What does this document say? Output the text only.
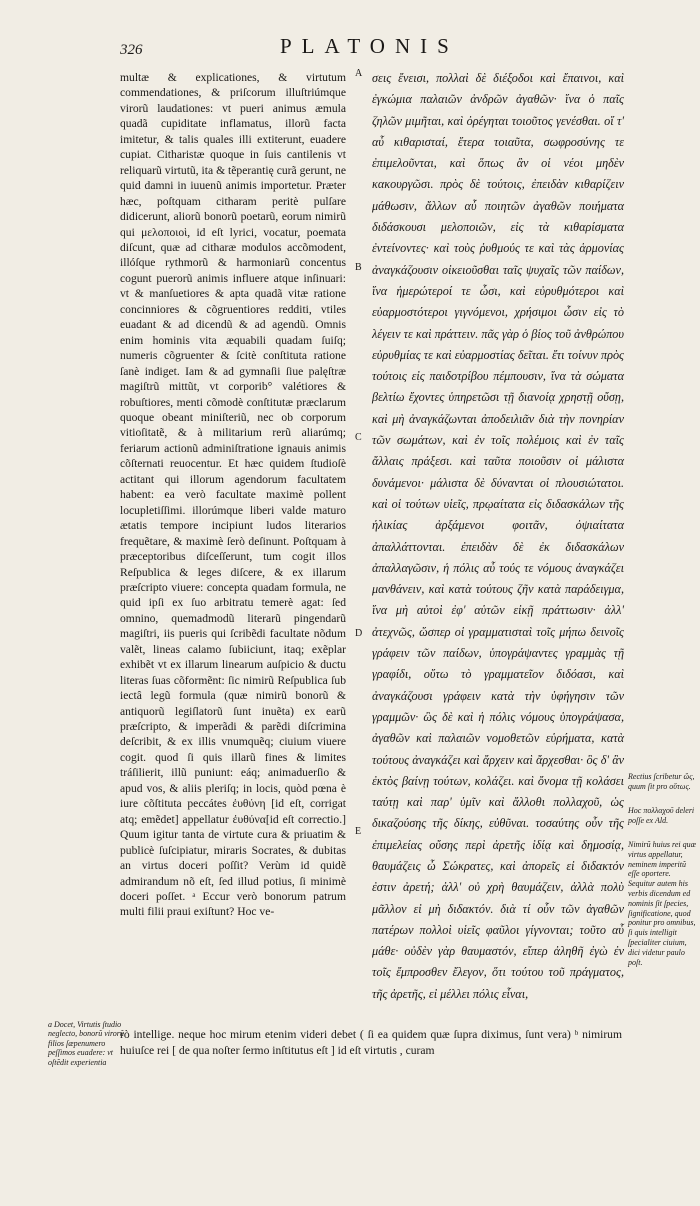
326	PLATONIS

multæ & explicationes, & virtutum commendationes, & priſcorum illuſtriúmque virorũ laudationes: vt pueri animus æmula quadã cupiditate inflamatus, illorũ facta imitetur, & talis quales illi extiterunt, euadere cupiat. Citharistæ quoque in ſuis cantilenis vt reliquarũ virtutũ, ita & tẽperantię curã gerunt, ne quid damni in iuuenũ animis importetur. Præter hæc, poſtquam citharam peritè pulſare didicerunt, aliorũ bonorũ poetarũ, eorum nimirũ qui μελοποιοὶ, id eſt lyrici, vocatur, poemata diſcunt, quæ ad citharæ modulos accõmodent, illóſque rythmorũ & harmoniarũ concentus cogunt puerorũ animis influere atque inſinuari: vt & manſuetiores & apta quadã vitæ ratione concinniores & cõgruentiores redditi, vtiles euadant & ad dicendũ & ad agendũ. Omnis enim hominis vita æquabili quadam ſuiſq; numeris cõgruenter & ſcitè conſtituta ratione ſanè indiget. Iam & ad gymnaſii ſiue palęſtræ magiſtrũ mittũt, vt corporib° valétiores & robuſtiores, menti cõmodè conſtitutæ præclarum quoque obeant miniſteriũ, nec ob corporum vitioſitatẽ, & à militarium rerũ aliarúmq; feriarum actionũ adminiſtratione ignauis animis cõſternati reuocentur. Et hæc quidem ſtudioſè actitant qui illorum agendorum facultatem habent: ea verò facultate maximè pollent locupletiſſimi. illorúmque liberi valde maturo ætatis tempore incipiunt ludos literarios frequẽtare, & maximè ſerò deſinunt. Poſtquam à præceptoribus diſceſſerunt, tum cogit illos Reſpublica & leges diſcere, & ex illarum præſcripto viuere: concepta quadam formula, ne quid ipſi ex ſuo arbitratu temerè agat: ſed omnino, quemadmodũ literarũ pingendarũ magiſtri, iis pueris qui ſcribẽdi facultate nõdum valẽt, lineas calamo ſubiiciunt, itaq; exẽplar exhibẽt vt ex illarum linearum auſpicio & ductu literas ſuas cõformẽnt: ſic nimirũ Reſpublica ſub iectâ legũ formula (quæ nimirũ bonorũ & antiquorũ legiſlatorũ ſunt inuẽta) ex earũ præſcripto, & imperãdi & parẽdi diſcrimina deſcribit, & ex illis vnumquẽq; ciuium viuere cogit. quod ſi quis illarũ fines & limites tráſilierit, illũ puniunt: eáq; animaduerſio & apud vos, & aliis pleriſq; in locis, quòd pœna è iure cõſtituta peccátes ἐυθύνη [id eſt, corrigat atq; emẽdet] appellatur ἐυθύνα[id eſt correctio.] Quum igitur tanta de virtute cura & priuatim & publicè ſuſcipiatur, miraris Socrates, & dubitas an virtus doceri poſſit? Verùm id quidẽ admirandum nõ eſt, ſed illud potius, ſi minimè doceri poſſet. ᵃ Eccur verò bonorum patrum multi filii praui exiſtunt? Hoc ve-

A
B
C
D
E

σεις ἔνεισι, πολλαὶ δὲ διέξοδοι καὶ ἔπαινοι, καὶ ἐγκώμια παλαιῶν ἀνδρῶν ἀγαθῶν· ἵνα ὁ παῖς ζηλῶν μιμῆται, καὶ ὀρέγηται τοιοῦτος γενέσθαι. οἵ τ' αὖ κιθαρισταί, ἕτερα τοιαῦτα, σωφροσύνης τε ἐπιμελοῦνται, καὶ ὅπως ἂν οἱ νέοι μηδὲν κακουργῶσι. πρὸς δὲ τούτοις, ἐπειδὰν κιθαρίζειν μάθωσιν, ἄλλων αὖ ποιητῶν ἀγαθῶν ποιήματα διδάσκουσι μελοποιῶν, εἰς τὰ κιθαρίσματα ἐντείνοντες· καὶ τοὺς ῥυθμούς τε καὶ τὰς ἁρμονίας ἀναγκάζουσιν οἰκειοῦσθαι ταῖς ψυχαῖς τῶν παίδων, ἵνα ἡμερώτεροί τε ὦσι, καὶ εὐρυθμότεροι καὶ εὐαρμοστότεροι γιγνόμενοι, χρήσιμοι ὦσιν εἰς τὸ λέγειν τε καὶ πράττειν. πᾶς γὰρ ὁ βίος τοῦ ἀνθρώπου εὐρυθμίας τε καὶ εὐαρμοστίας δεῖται. ἔτι τοίνυν πρὸς τούτοις εἰς παιδοτρίβου πέμπουσιν, ἵνα τὰ σώματα βελτίω ἔχοντες ὑπηρετῶσι τῇ διανοίᾳ χρηστῇ οὔσῃ, καὶ μὴ ἀναγκάζωνται ἀποδειλιᾶν διὰ τὴν πονηρίαν τῶν σωμάτων, καὶ ἐν τοῖς πολέμοις καὶ ἐν ταῖς ἄλλαις πράξεσι. καὶ ταῦτα ποιοῦσιν οἱ μάλιστα δυνάμενοι· μάλιστα δὲ δύνανται οἱ πλουσιώτατοι. καὶ οἱ τούτων υἱεῖς, πρῳαίτατα εἰς διδασκάλων τῆς ἡλικίας ἀρξάμενοι φοιτᾶν, ὀψιαίτατα ἀπαλλάττονται. ἐπειδὰν δὲ ἐκ διδασκάλων ἀπαλλαγῶσιν, ἡ πόλις αὖ τούς τε νόμους ἀναγκάζει μανθάνειν, καὶ κατὰ τούτους ζῆν κατὰ παράδειγμα, ἵνα μὴ αὐτοὶ ἐφ' αὑτῶν εἰκῇ πράττωσιν· ἀλλ' ἀτεχνῶς, ὥσπερ οἱ γραμματισταὶ τοῖς μήπω δεινοῖς γράφειν τῶν παίδων, ὑπογράψαντες γραμμὰς τῇ γραφίδι, οὕτω τὸ γραμματεῖον διδόασι, καὶ ἀναγκάζουσι γράφειν κατὰ τὴν ὑφήγησιν τῶν γραμμῶν· ὣς δὲ καὶ ἡ πόλις νόμους ὑπογράψασα, ἀγαθῶν καὶ παλαιῶν νομοθετῶν εὑρήματα, κατὰ τούτους ἀναγκάζει καὶ ἄρχειν καὶ ἄρχεσθαι· ὃς δ' ἂν ἐκτὸς βαίνῃ τούτων, κολάζει. καὶ ὄνομα τῇ κολάσει ταύτῃ καὶ παρ' ὑμῖν καὶ ἄλλοθι πολλαχοῦ, ὡς δικαζούσης τῆς δίκης, εὐθῦναι. τοσαύτης οὖν τῆς ἐπιμελείας οὔσης περὶ ἀρετῆς ἰδίᾳ καὶ δημοσίᾳ, θαυμάζεις ὦ Σώκρατες, καὶ ἀπορεῖς εἰ διδακτόν ἐστιν ἀρετή; ἀλλ' οὐ χρὴ θαυμάζειν, ἀλλὰ πολὺ μᾶλλον εἰ μὴ διδακτόν. διὰ τί οὖν τῶν ἀγαθῶν πατέρων πολλοὶ υἱεῖς φαῦλοι γίγνονται; τοῦτο αὖ μάθε· οὐδὲν γὰρ θαυμαστόν, εἴπερ ἀληθῆ ἐγὼ ἐν τοῖς ἔμπροσθεν ἔλεγον, ὅτι τούτου τοῦ πράγματος, τῆς ἀρετῆς, εἰ μέλλει πόλις εἶναι,

rò intellige. neque hoc mirum etenim videri debet ( ſi ea quidem quæ ſupra diximus, ſunt vera) ᵇ nimirum huiuſce rei [ de qua noſter ſermo inſtitutus eſt ] id eſt virtutis , curam

a Docet, Virtutis ſtudio neglecto, bonorũ virorũ filios ſæpenumero peſſimos euadere: vt oſtẽdit experientia

Rectius ſcribetur ὥς, quum ſit pro οὕτως.

Hoc πολλαχοῦ deleri poſſe ex Ald.

Nimirũ huius rei quæ virtus appellatur, neminem imperitũ eſſe oportere. Sequitur autem his verbis dicendum ed nominis ſit ſpecies, ſignificatione, quod ponitur pro omnibus, ſi quis intelligit ſpecialiter ciuium, dici videtur paulo poſt.
